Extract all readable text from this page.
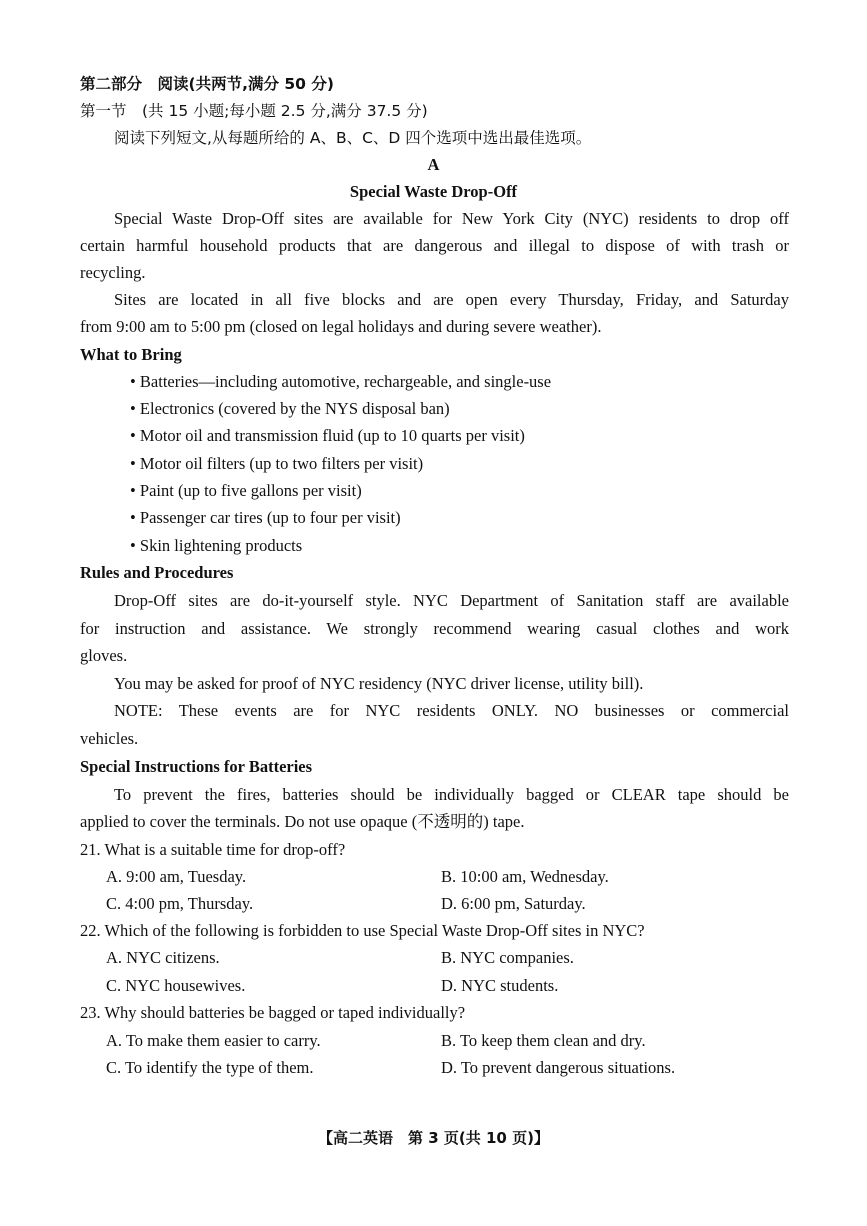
第二部分　阅读(共两节,满分 50 分)
第一节　(共 15 小题;每小题 2.5 分,满分 37.5 分)
阅读下列短文,从每题所给的 A、B、C、D 四个选项中选出最佳选项。
A
Special Waste Drop-Off
Special Waste Drop-Off sites are available for New York City (NYC) residents to drop off
certain harmful household products that are dangerous and illegal to dispose of with trash or
recycling.
Sites are located in all five blocks and are open every Thursday, Friday, and Saturday
from 9:00 am to 5:00 pm (closed on legal holidays and during severe weather).
What to Bring
• Batteries—including automotive, rechargeable, and single-use
• Electronics (covered by the NYS disposal ban)
• Motor oil and transmission fluid (up to 10 quarts per visit)
• Motor oil filters (up to two filters per visit)
• Paint (up to five gallons per visit)
• Passenger car tires (up to four per visit)
• Skin lightening products
Rules and Procedures
Drop-Off sites are do-it-yourself style. NYC Department of Sanitation staff are available
for instruction and assistance. We strongly recommend wearing casual clothes and work
gloves.
You may be asked for proof of NYC residency (NYC driver license, utility bill).
NOTE: These events are for NYC residents ONLY. NO businesses or commercial
vehicles.
Special Instructions for Batteries
To prevent the fires, batteries should be individually bagged or CLEAR tape should be
applied to cover the terminals. Do not use opaque (不透明的) tape.
21. What is a suitable time for drop-off?
A. 9:00 am, Tuesday.	B. 10:00 am, Wednesday.
C. 4:00 pm, Thursday.	D. 6:00 pm, Saturday.
22. Which of the following is forbidden to use Special Waste Drop-Off sites in NYC?
A. NYC citizens.	B. NYC companies.
C. NYC housewives.	D. NYC students.
23. Why should batteries be bagged or taped individually?
A. To make them easier to carry.	B. To keep them clean and dry.
C. To identify the type of them.	D. To prevent dangerous situations.
【高二英语　第 3 页(共 10 页)】
